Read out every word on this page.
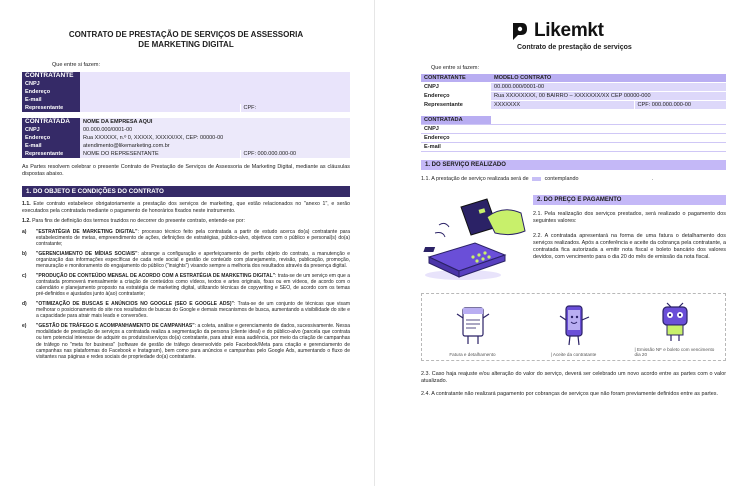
CONTRATO DE PRESTAÇÃO DE SERVIÇOS DE ASSESSORIA
DE MARKETING DIGITAL
Que entre si fazem:
CONTRATANTE		
CNPJ		
Endereço		
E-mail		
Representante		CPF:
CONTRATADA	NOME DA EMPRESA AQUI	
CNPJ	00.000.000/0001-00	
Endereço	Rua XXXXXX, n.º 0, XXXXX, XXXXX/XX, CEP: 00000-00	
E-mail	atendimento@likemarketing.com.br	
Representante	NOME DO REPRESENTANTE	CPF: 000.000.000-00
As Partes resolvem celebrar o presente Contrato de Prestação de Serviços de Assessoria de Marketing Digital, mediante as cláusulas dispostas abaixo.
1. DO OBJETO E CONDIÇÕES DO CONTRATO
1.1. Este contrato estabelece obrigatoriamente a prestação dos serviços de marketing, que estão relacionados no "anexo 1", e serão executados pela contratada mediante o pagamento de honorários fixados neste instrumento.
1.2. Para fins de definição dos termos trazidos no decorrer do presente contrato, entende-se por:
a)	"ESTRATÉGIA DE MARKETING DIGITAL": processo técnico feito pela contratada a partir de estudo acerca do(a) contratante para estabelecimento de metas, empreendimento de ações, definições de estratégias, público-alvo, objetivos com o público e personal(s) do(a) contratante;
b)	"GERENCIAMENTO DE MÍDIAS SOCIAIS": abrange a configuração e aperfeiçoamento de perfis objeto do contrato, a manutenção e organização das informações específicas de cada rede social e gestão de conteúdo com planejamento, revisão, publicação, promoção, mensuração e monitoramento do engajamento do público ("insights") visando sempre a melhoria dos resultados através da presença digital.
c)	"PRODUÇÃO DE CONTEÚDO MENSAL DE ACORDO COM A ESTRATÉGIA DE MARKETING DIGITAL": trata-se de um serviço em que a contratada promoverá mensalmente a criação de conteúdos como vídeos, textos e artes originais, fixas ou em vídeos, de acordo com o calendário e planejamento proposto na estratégia de marketing digital, utilizando técnicas de copywriting e SEO, de acordo com os temas pré-definidos e ajustados junto à(ao) contratante;
d)	"OTIMIZAÇÃO DE BUSCAS E ANÚNCIOS NO GOOGLE (SEO E GOOGLE ADS)": Trata-se de um conjunto de técnicas que visam melhorar o posicionamento do site nos resultados de buscas do Google e demais mecanismos de busca, aumentando a visibilidade do site e a capacidade para atrair mais leads e conversões.
e)	"GESTÃO DE TRÁFEGO E ACOMPANHAMENTO DE CAMPANHAS": a coleta, análise e gerenciamento de dados, sucessivamente. Nessa modalidade de prestação de serviços a contratada realiza a segmentação da persona (cliente ideal) e do público-alvo (parcela que contrata ou tem potencial interesse de adquirir os produtos/serviços do(a) contratante, para atrair essa audiência, por meio da criação de campanhas de tráfego no "meta for business" (software de gestão de tráfego desenvolvido pelo Facebook/Meta para criação e gerenciamento de campanhas nas plataformas do Facebook e Instagram), bem como para anúncios e campanhas pelo Google Ads, aumentando o fluxo de visitantes nas páginas e redes sociais de propriedade do(a) contratante.
Likemkt
Contrato de prestação de serviços
Que entre si fazem:
CONTRATANTE	MODELO CONTRATO	
CNPJ	00.000.000/0001-00	
Endereço	Rua XXXXXXXX, 00 BAIRRO – XXXXXXX/XX CEP 00000-000	
Representante	XXXXXXX	CPF: 000.000.000-00
CONTRATADA	
CNPJ	
Endereço	
E-mail	
1. DO SERVIÇO REALIZADO
1.1. A prestação de serviço realizada será de	contemplando	.
2. DO PREÇO E PAGAMENTO
2.1. Pela realização dos serviços prestados, será realizado o pagamento dos seguintes valores:
2.2. A contratada apresentará na forma de uma fatura o detalhamento dos serviços realizados. Após a conferência e aceite da cobrança pela contratante, a contratada fica autorizada a emitir nota fiscal e boleto bancário dos valores devidos, com vencimento para o dia 20 do mês de emissão da nota fiscal.
Fatura e detalhamento	| Aceite da contratante
| Emissão NF e boleto com vencimento dia 20
2.3. Caso haja reajuste e/ou alteração do valor do serviço, deverá ser celebrado um novo acordo entre as partes com o valor atualizado.
2.4. A contratante não realizará pagamento por cobranças de serviços que não foram previamente definidos entre as partes.
